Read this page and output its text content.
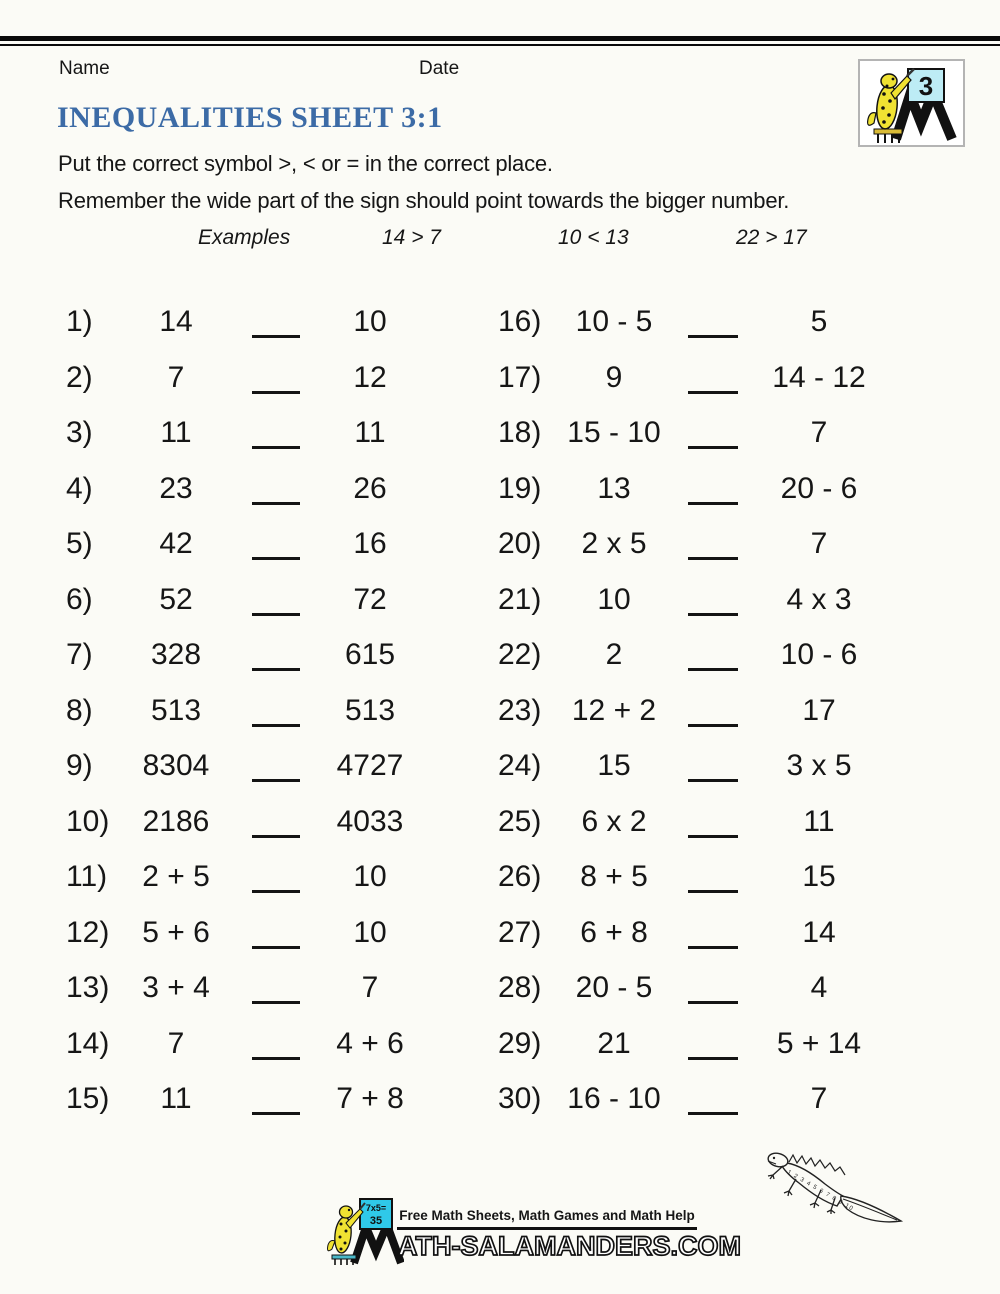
Name	Date
3
INEQUALITIES SHEET 3:1
Put the correct symbol >, < or = in the correct place.
Remember the wide part of the sign should point towards the bigger number.
Examples	14 > 7	10 < 13	22 > 17
1)	14	10
2)	7	12
3)	11	11
4)	23	26
5)	42	16
6)	52	72
7)	328	615
8)	513	513
9)	8304	4727
10)	2186	4033
11)	2 + 5	10
12)	5 + 6	10
13)	3 + 4	7
14)	7	4 + 6
15)	11	7 + 8
16)	10 - 5	5
17)	9	14 - 12
18) 15 - 10	7
19)	13	20 - 6
20)	2 x 5	7
21)	10	4 x 3
22)	2	10 - 6
23)	12 + 2	17
24)	15	3 x 5
25)	6 x 2	11
26)	8 + 5	15
27)	6 + 8	14
28)	20 - 5	4
29)	21	5 + 14
30) 16 - 10	7
1 2 3 4 5 6 7 8 9 10
7x5=
35 Free Math Sheets, Math Games and Math Help
ATH-SALAMANDERS.COM
